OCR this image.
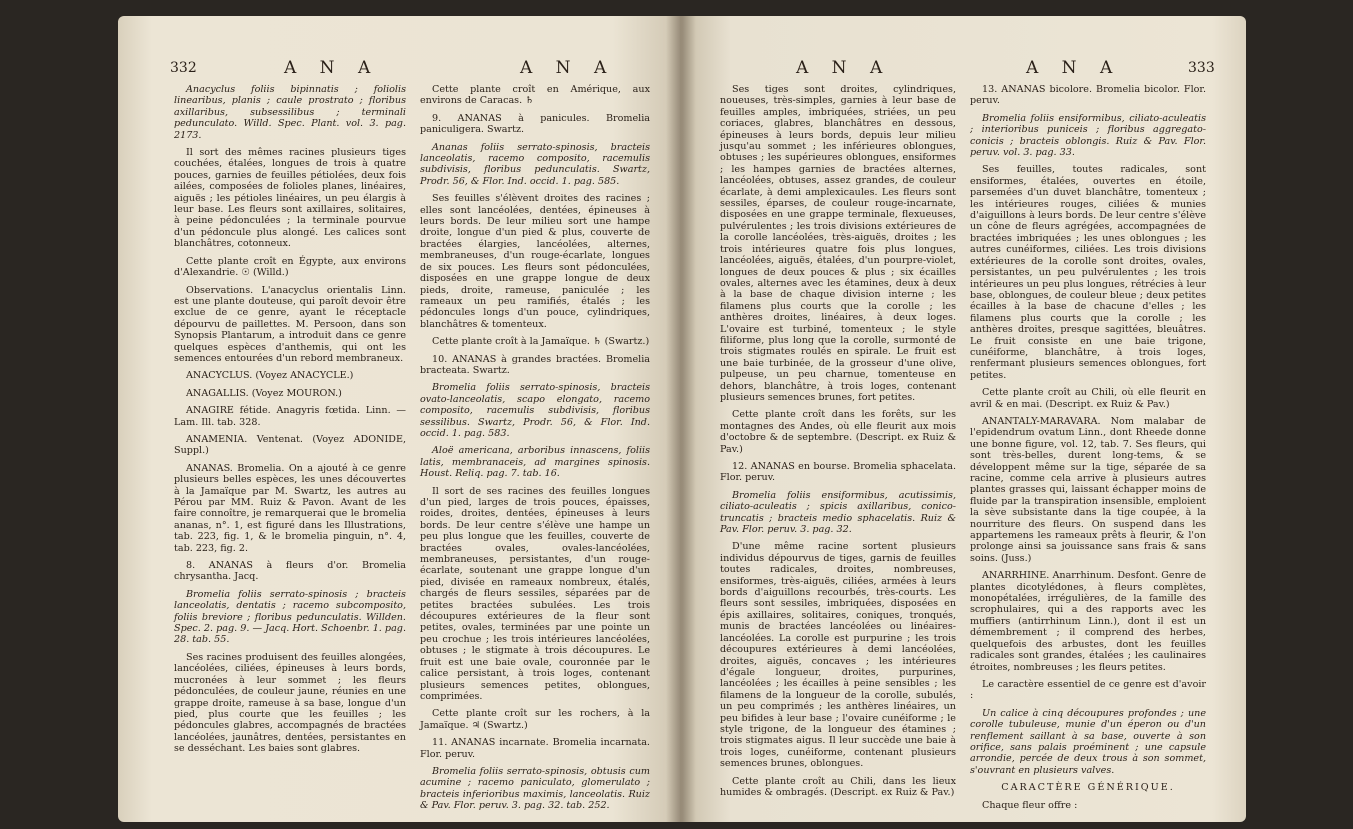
332	A N A	A N A

Anacyclus foliis bipinnatis ; foliolis linearibus, planis ; caule prostrato ; floribus axillaribus, subsessilibus ; terminali pedunculato. Willd. Spec. Plant. vol. 3. pag. 2173.

Il sort des mêmes racines plusieurs tiges couchées, étalées, longues de trois à quatre pouces, garnies de feuilles pétiolées, deux fois ailées, composées de folioles planes, linéaires, aiguës ; les pétioles linéaires, un peu élargis à leur base. Les fleurs sont axillaires, solitaires, à peine pédonculées ; la terminale pourvue d'un pédoncule plus alongé. Les calices sont blanchâtres, cotonneux.

Cette plante croît en Égypte, aux environs d'Alexandrie. ☉ (Willd.)

Observations. L'anacyclus orientalis Linn. est une plante douteuse, qui paroît devoir être exclue de ce genre, ayant le réceptacle dépourvu de paillettes. M. Persoon, dans son Synopsis Plantarum, a introduit dans ce genre quelques espèces d'anthemis, qui ont les semences entourées d'un rebord membraneux.

ANACYCLUS. (Voyez ANACYCLE.)

ANAGALLIS. (Voyez MOURON.)

ANAGIRE fétide. Anagyris fœtida. Linn. — Lam. Ill. tab. 328.

ANAMENIA. Ventenat. (Voyez ADONIDE, Suppl.)

ANANAS. Bromelia. On a ajouté à ce genre plusieurs belles espèces, les unes découvertes à la Jamaïque par M. Swartz, les autres au Pérou par MM. Ruiz & Pavon. Avant de les faire connoître, je remarquerai que le bromelia ananas, n°. 1, est figuré dans les Illustrations, tab. 223, fig. 1, & le bromelia pinguin, n°. 4, tab. 223, fig. 2.

8. ANANAS à fleurs d'or. Bromelia chrysantha. Jacq.

Bromelia foliis serrato-spinosis ; bracteis lanceolatis, dentatis ; racemo subcomposito, foliis breviore ; floribus pedunculatis. Willden. Spec. 2. pag. 9. — Jacq. Hort. Schoenbr. 1. pag. 28. tab. 55.

Ses racines produisent des feuilles alongées, lancéolées, ciliées, épineuses à leurs bords, mucronées à leur sommet ; les fleurs pédonculées, de couleur jaune, réunies en une grappe droite, rameuse à sa base, longue d'un pied, plus courte que les feuilles ; les pédoncules glabres, accompagnés de bractées lancéolées, jaunâtres, dentées, persistantes en se desséchant. Les baies sont glabres.

Cette plante croît en Amérique, aux environs de Caracas. ♄

9. ANANAS à panicules. Bromelia paniculigera. Swartz.

Ananas foliis serrato-spinosis, bracteis lanceolatis, racemo composito, racemulis subdivisis, floribus pedunculatis. Swartz, Prodr. 56, & Flor. Ind. occid. 1. pag. 585.

Ses feuilles s'élèvent droites des racines ; elles sont lancéolées, dentées, épineuses à leurs bords. De leur milieu sort une hampe droite, longue d'un pied & plus, couverte de bractées élargies, lancéolées, alternes, membraneuses, d'un rouge-écarlate, longues de six pouces. Les fleurs sont pédonculées, disposées en une grappe longue de deux pieds, droite, rameuse, paniculée ; les rameaux un peu ramifiés, étalés ; les pédoncules longs d'un pouce, cylindriques, blanchâtres & tomenteux.

Cette plante croît à la Jamaïque. ♄ (Swartz.)

10. ANANAS à grandes bractées. Bromelia bracteata. Swartz.

Bromelia foliis serrato-spinosis, bracteis ovato-lanceolatis, scapo elongato, racemo composito, racemulis subdivisis, floribus sessilibus. Swartz, Prodr. 56, & Flor. Ind. occid. 1. pag. 583.

Aloë americana, arboribus innascens, foliis latis, membranaceis, ad margines spinosis. Houst. Reliq. pag. 7. tab. 16.

Il sort de ses racines des feuilles longues d'un pied, larges de trois pouces, épaisses, roides, droites, dentées, épineuses à leurs bords. De leur centre s'élève une hampe un peu plus longue que les feuilles, couverte de bractées ovales, ovales-lancéolées, membraneuses, persistantes, d'un rouge-écarlate, soutenant une grappe longue d'un pied, divisée en rameaux nombreux, étalés, chargés de fleurs sessiles, séparées par de petites bractées subulées. Les trois découpures extérieures de la fleur sont petites, ovales, terminées par une pointe un peu crochue ; les trois intérieures lancéolées, obtuses ; le stigmate à trois découpures. Le fruit est une baie ovale, couronnée par le calice persistant, à trois loges, contenant plusieurs semences petites, oblongues, comprimées.

Cette plante croît sur les rochers, à la Jamaïque. ♃ (Swartz.)

11. ANANAS incarnate. Bromelia incarnata. Flor. peruv.

Bromelia foliis serrato-spinosis, obtusis cum acumine ; racemo paniculato, glomerulato ; bracteis inferioribus maximis, lanceolatis. Ruiz & Pav. Flor. peruv. 3. pag. 32. tab. 252.

A N A	A N A	333

Ses tiges sont droites, cylindriques, noueuses, très-simples, garnies à leur base de feuilles amples, imbriquées, striées, un peu coriaces, glabres, blanchâtres en dessous, épineuses à leurs bords, depuis leur milieu jusqu'au sommet ; les inférieures oblongues, obtuses ; les supérieures oblongues, ensiformes ; les hampes garnies de bractées alternes, lancéolées, obtuses, assez grandes, de couleur écarlate, à demi amplexicaules. Les fleurs sont sessiles, éparses, de couleur rouge-incarnate, disposées en une grappe terminale, flexueuses, pulvérulentes ; les trois divisions extérieures de la corolle lancéolées, très-aiguës, droites ; les trois intérieures quatre fois plus longues, lancéolées, aiguës, étalées, d'un pourpre-violet, longues de deux pouces & plus ; six écailles ovales, alternes avec les étamines, deux à deux à la base de chaque division interne ; les filamens plus courts que la corolle ; les anthères droites, linéaires, à deux loges. L'ovaire est turbiné, tomenteux ; le style filiforme, plus long que la corolle, surmonté de trois stigmates roulés en spirale. Le fruit est une baie turbinée, de la grosseur d'une olive, pulpeuse, un peu charnue, tomenteuse en dehors, blanchâtre, à trois loges, contenant plusieurs semences brunes, fort petites.

Cette plante croît dans les forêts, sur les montagnes des Andes, où elle fleurit aux mois d'octobre & de septembre. (Descript. ex Ruiz & Pav.)

12. ANANAS en bourse. Bromelia sphacelata. Flor. peruv.

Bromelia foliis ensiformibus, acutissimis, ciliato-aculeatis ; spicis axillaribus, conico-truncatis ; bracteis medio sphacelatis. Ruiz & Pav. Flor. peruv. 3. pag. 32.

D'une même racine sortent plusieurs individus dépourvus de tiges, garnis de feuilles toutes radicales, droites, nombreuses, ensiformes, très-aiguës, ciliées, armées à leurs bords d'aiguillons recourbés, très-courts. Les fleurs sont sessiles, imbriquées, disposées en épis axillaires, solitaires, coniques, tronqués, munis de bractées lancéolées ou linéaires-lancéolées. La corolle est purpurine ; les trois découpures extérieures à demi lancéolées, droites, aiguës, concaves ; les intérieures d'égale longueur, droites, purpurines, lancéolées ; les écailles à peine sensibles ; les filamens de la longueur de la corolle, subulés, un peu comprimés ; les anthères linéaires, un peu bifides à leur base ; l'ovaire cunéiforme ; le style trigone, de la longueur des étamines ; trois stigmates aigus. Il leur succède une baie à trois loges, cunéiforme, contenant plusieurs semences brunes, oblongues.

Cette plante croît au Chili, dans les lieux humides & ombragés. (Descript. ex Ruiz & Pav.)

13. ANANAS bicolore. Bromelia bicolor. Flor. peruv.

Bromelia foliis ensiformibus, ciliato-aculeatis ; interioribus puniceis ; floribus aggregato-conicis ; bracteis oblongis. Ruiz & Pav. Flor. peruv. vol. 3. pag. 33.

Ses feuilles, toutes radicales, sont ensiformes, étalées, ouvertes en étoile, parsemées d'un duvet blanchâtre, tomenteux ; les intérieures rouges, ciliées & munies d'aiguillons à leurs bords. De leur centre s'élève un cône de fleurs agrégées, accompagnées de bractées imbriquées ; les unes oblongues ; les autres cunéiformes, ciliées. Les trois divisions extérieures de la corolle sont droites, ovales, persistantes, un peu pulvérulentes ; les trois intérieures un peu plus longues, rétrécies à leur base, oblongues, de couleur bleue ; deux petites écailles à la base de chacune d'elles ; les filamens plus courts que la corolle ; les anthères droites, presque sagittées, bleuâtres. Le fruit consiste en une baie trigone, cunéiforme, blanchâtre, à trois loges, renfermant plusieurs semences oblongues, fort petites.

Cette plante croît au Chili, où elle fleurit en avril & en mai. (Descript. ex Ruiz & Pav.)

ANANTALY-MARAVARA. Nom malabar de l'epidendrum ovatum Linn., dont Rheede donne une bonne figure, vol. 12, tab. 7. Ses fleurs, qui sont très-belles, durent long-tems, & se développent même sur la tige, séparée de sa racine, comme cela arrive à plusieurs autres plantes grasses qui, laissant échapper moins de fluide par la transpiration insensible, emploient la sève subsistante dans la tige coupée, à la nourriture des fleurs. On suspend dans les appartemens les rameaux prêts à fleurir, & l'on prolonge ainsi sa jouissance sans frais & sans soins. (Juss.)

ANARRHINE. Anarrhinum. Desfont. Genre de plantes dicotylédones, à fleurs complètes, monopétalées, irrégulières, de la famille des scrophulaires, qui a des rapports avec les muffiers (antirrhinum Linn.), dont il est un démembrement ; il comprend des herbes, quelquefois des arbustes, dont les feuilles radicales sont grandes, étalées ; les caulinaires étroites, nombreuses ; les fleurs petites.

Le caractère essentiel de ce genre est d'avoir :

Un calice à cinq découpures profondes ; une corolle tubuleuse, munie d'un éperon ou d'un renflement saillant à sa base, ouverte à son orifice, sans palais proéminent ; une capsule arrondie, percée de deux trous à son sommet, s'ouvrant en plusieurs valves.

CARACTÈRE GÉNÉRIQUE.

Chaque fleur offre :
